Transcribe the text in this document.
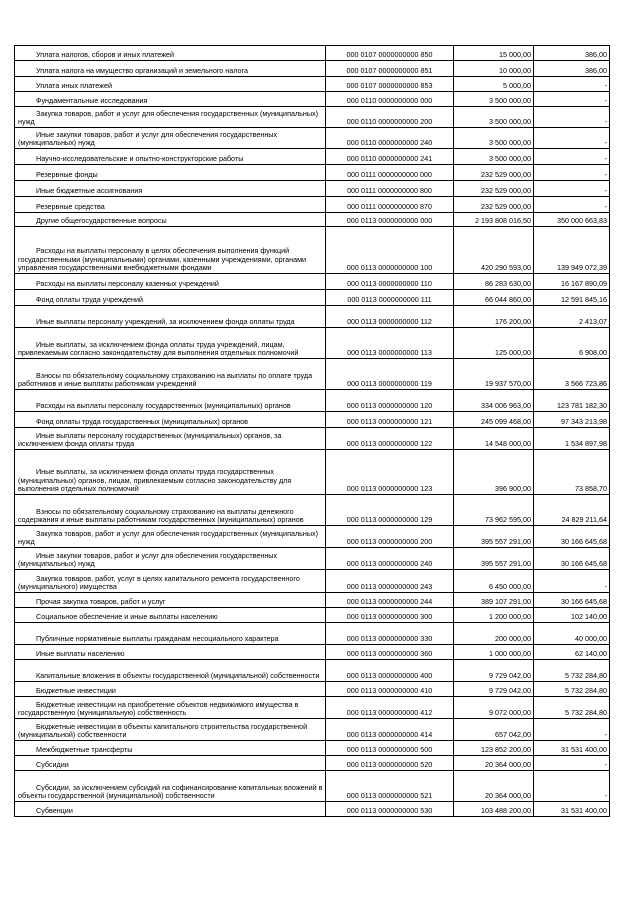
Уплата налогов, сборов и иных платежей	000 0107 0000000000 850	15 000,00	386,00

Уплата налога на имущество организаций и земельного налога	000 0107 0000000000 851	10 000,00	386,00

Уплата иных платежей	000 0107 0000000000 853	5 000,00	-

Фундаментальные исследования	000 0110 0000000000 000	3 500 000,00	-

Закупка товаров, работ и услуг для обеспечения государственных (муниципальных) нужд	000 0110 0000000000 200	3 500 000,00	-

Иные закупки товаров, работ и услуг для обеспечения государственных (муниципальных) нужд	000 0110 0000000000 240	3 500 000,00	-

Научно-исследовательские и опытно-конструкторские работы	000 0110 0000000000 241	3 500 000,00	-

Резервные фонды	000 0111 0000000000 000	232 529 000,00	-

Иные бюджетные ассигнования	000 0111 0000000000 800	232 529 000,00	-

Резервные средства	000 0111 0000000000 870	232 529 000,00	-

Другие общегосударственные вопросы	000 0113 0000000000 000	2 193 808 016,50	350 000 663,83

Расходы на выплаты персоналу в целях обеспечения выполнения функций государственными (муниципальными) органами, казенными учреждениями, органами управления государственными внебюджетными фондами	000 0113 0000000000 100	420 290 593,00	139 949 072,39

Расходы на выплаты персоналу казенных учреждений	000 0113 0000000000 110	86 283 630,00	16 167 890,09

Фонд оплаты труда учреждений	000 0113 0000000000 111	66 044 860,00	12 591 845,16

Иные выплаты персоналу учреждений, за исключением фонда оплаты труда	000 0113 0000000000 112	176 200,00	2 413,07

Иные выплаты, за исключением фонда оплаты труда учреждений, лицам, привлекаемым согласно законодательству для выполнения отдельных полномочий	000 0113 0000000000 113	125 000,00	6 908,00

Взносы по обязательному социальному страхованию на выплаты по оплате труда работников и иные выплаты работникам учреждений	000 0113 0000000000 119	19 937 570,00	3 566 723,86

Расходы на выплаты персоналу государственных (муниципальных) органов	000 0113 0000000000 120	334 006 963,00	123 781 182,30

Фонд оплаты труда государственных (муниципальных) органов	000 0113 0000000000 121	245 099 468,00	97 343 213,98

Иные выплаты персоналу государственных (муниципальных) органов, за исключением фонда оплаты труда	000 0113 0000000000 122	14 548 000,00	1 534 897,98

Иные выплаты, за исключением фонда оплаты труда государственных (муниципальных) органов, лицам, привлекаемым согласно законодательству для выполнения отдельных полномочий	000 0113 0000000000 123	396 900,00	73 858,70

Взносы по обязательному социальному страхованию на выплаты денежного содержания и иные выплаты работникам государственных (муниципальных) органов	000 0113 0000000000 129	73 962 595,00	24 829 211,64

Закупка товаров, работ и услуг для обеспечения государственных (муниципальных) нужд	000 0113 0000000000 200	395 557 291,00	30 166 645,68

Иные закупки товаров, работ и услуг для обеспечения государственных (муниципальных) нужд	000 0113 0000000000 240	395 557 291,00	30 166 645,68

Закупка товаров, работ, услуг в целях капитального ремонта государственного (муниципального) имущества	000 0113 0000000000 243	6 450 000,00	-

Прочая закупка товаров, работ и услуг	000 0113 0000000000 244	389 107 291,00	30 166 645,68

Социальное обеспечение и иные выплаты населению	000 0113 0000000000 300	1 200 000,00	102 140,00

Публичные нормативные выплаты гражданам несоциального характера	000 0113 0000000000 330	200 000,00	40 000,00

Иные выплаты населению	000 0113 0000000000 360	1 000 000,00	62 140,00

Капитальные вложения в объекты государственной (муниципальной) собственности	000 0113 0000000000 400	9 729 042,00	5 732 284,80

Бюджетные инвестиции	000 0113 0000000000 410	9 729 042,00	5 732 284,80

Бюджетные инвестиции на приобретение объектов недвижимого имущества в государственную (муниципальную) собственность	000 0113 0000000000 412	9 072 000,00	5 732 284,80

Бюджетные инвестиции в объекты капитального строительства государственной (муниципальной) собственности	000 0113 0000000000 414	657 042,00	-

Межбюджетные трансферты	000 0113 0000000000 500	123 852 200,00	31 531 400,00

Субсидии	000 0113 0000000000 520	20 364 000,00	-

Субсидии, за исключением субсидий на софинансирование капитальных вложений в объекты государственной (муниципальной) собственности	000 0113 0000000000 521	20 364 000,00	-

Субвенции	000 0113 0000000000 530	103 488 200,00	31 531 400,00
